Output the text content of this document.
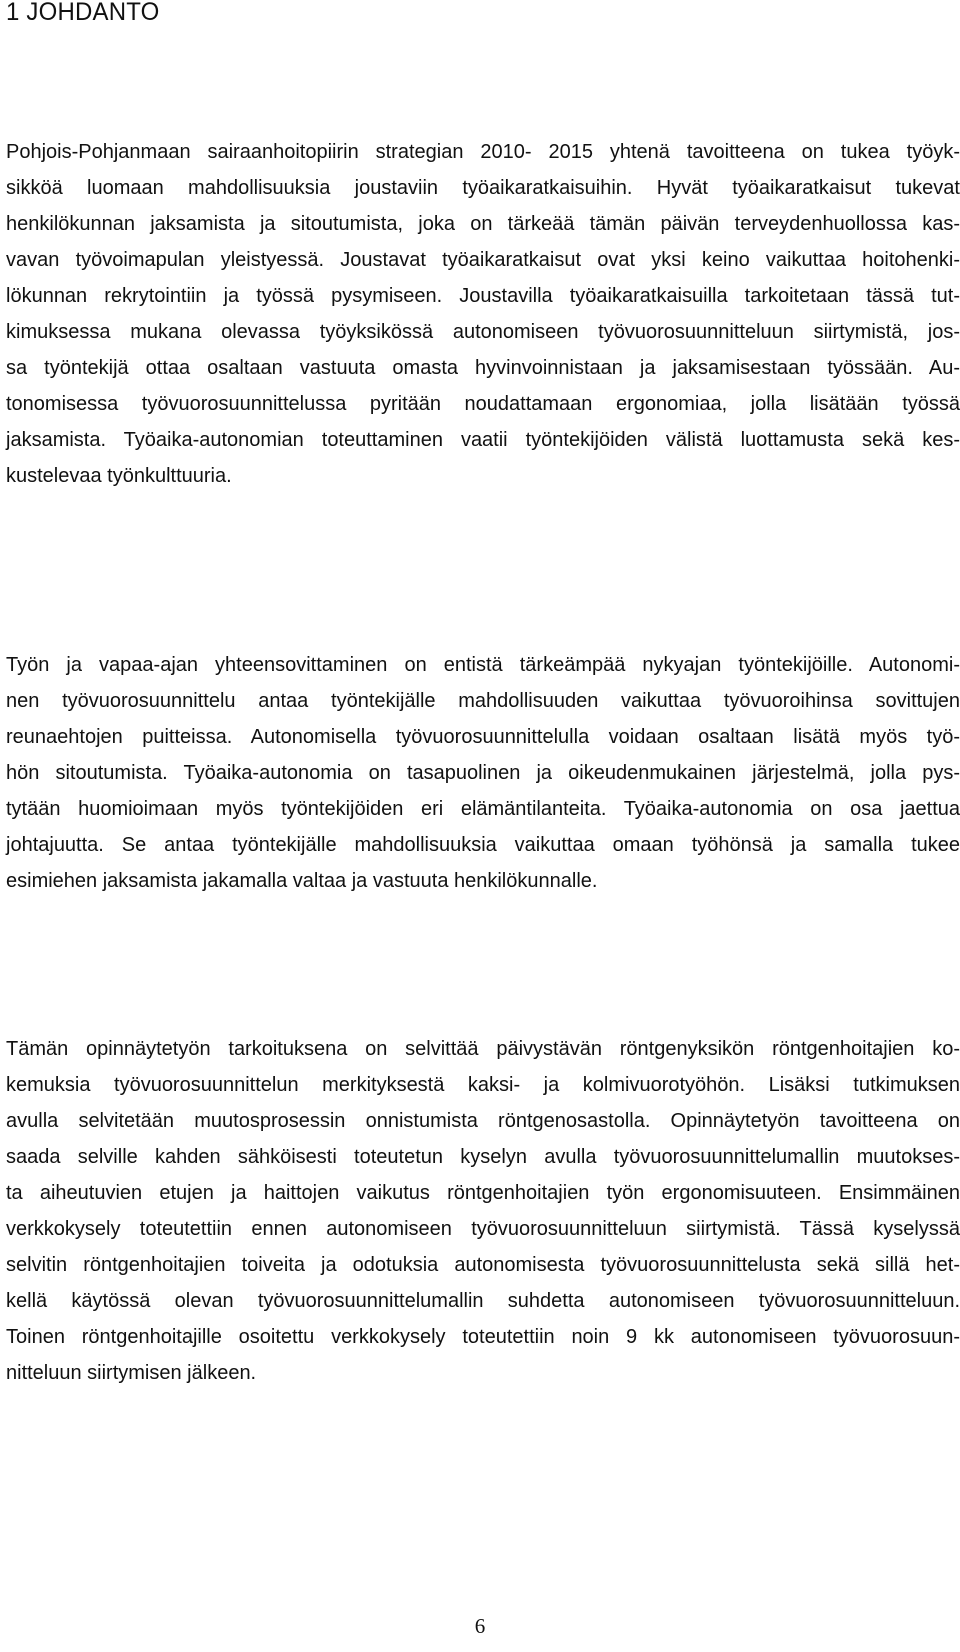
1 JOHDANTO
Pohjois-Pohjanmaan sairaanhoitopiirin strategian 2010- 2015 yhtenä tavoitteena on tukea työyk-
sikköä luomaan mahdollisuuksia joustaviin työaikaratkaisuihin. Hyvät työaikaratkaisut tukevat
henkilökunnan jaksamista ja sitoutumista, joka on tärkeää tämän päivän terveydenhuollossa kas-
vavan työvoimapulan yleistyessä. Joustavat työaikaratkaisut ovat yksi keino vaikuttaa hoitohenki-
lökunnan rekrytointiin ja työssä pysymiseen. Joustavilla työaikaratkaisuilla tarkoitetaan tässä tut-
kimuksessa mukana olevassa työyksikössä autonomiseen työvuorosuunnitteluun siirtymistä, jos-
sa työntekijä ottaa osaltaan vastuuta omasta hyvinvoinnistaan ja jaksamisestaan työssään. Au-
tonomisessa työvuorosuunnittelussa pyritään noudattamaan ergonomiaa, jolla lisätään työssä
jaksamista. Työaika-autonomian toteuttaminen vaatii työntekijöiden välistä luottamusta sekä kes-
kustelevaa työnkulttuuria.
Työn ja vapaa-ajan yhteensovittaminen on entistä tärkeämpää nykyajan työntekijöille. Autonomi-
nen työvuorosuunnittelu antaa työntekijälle mahdollisuuden vaikuttaa työvuoroihinsa sovittujen
reunaehtojen puitteissa. Autonomisella työvuorosuunnittelulla voidaan osaltaan lisätä myös työ-
hön sitoutumista. Työaika-autonomia on tasapuolinen ja oikeudenmukainen järjestelmä, jolla pys-
tytään huomioimaan myös työntekijöiden eri elämäntilanteita. Työaika-autonomia on osa jaettua
johtajuutta. Se antaa työntekijälle mahdollisuuksia vaikuttaa omaan työhönsä ja samalla tukee
esimiehen jaksamista jakamalla valtaa ja vastuuta henkilökunnalle.
Tämän opinnäytetyön tarkoituksena on selvittää päivystävän röntgenyksikön röntgenhoitajien ko-
kemuksia työvuorosuunnittelun merkityksestä kaksi- ja kolmivuorotyöhön. Lisäksi tutkimuksen
avulla selvitetään muutosprosessin onnistumista röntgenosastolla. Opinnäytetyön tavoitteena on
saada selville kahden sähköisesti toteutetun kyselyn avulla työvuorosuunnittelumallin muutokses-
ta aiheutuvien etujen ja haittojen vaikutus röntgenhoitajien työn ergonomisuuteen. Ensimmäinen
verkkokysely toteutettiin ennen autonomiseen työvuorosuunnitteluun siirtymistä. Tässä kyselyssä
selvitin röntgenhoitajien toiveita ja odotuksia autonomisesta työvuorosuunnittelusta sekä sillä het-
kellä käytössä olevan työvuorosuunnittelumallin suhdetta autonomiseen työvuorosuunnitteluun.
Toinen röntgenhoitajille osoitettu verkkokysely toteutettiin noin 9 kk autonomiseen työvuorosuun-
nitteluun siirtymisen jälkeen.

6
